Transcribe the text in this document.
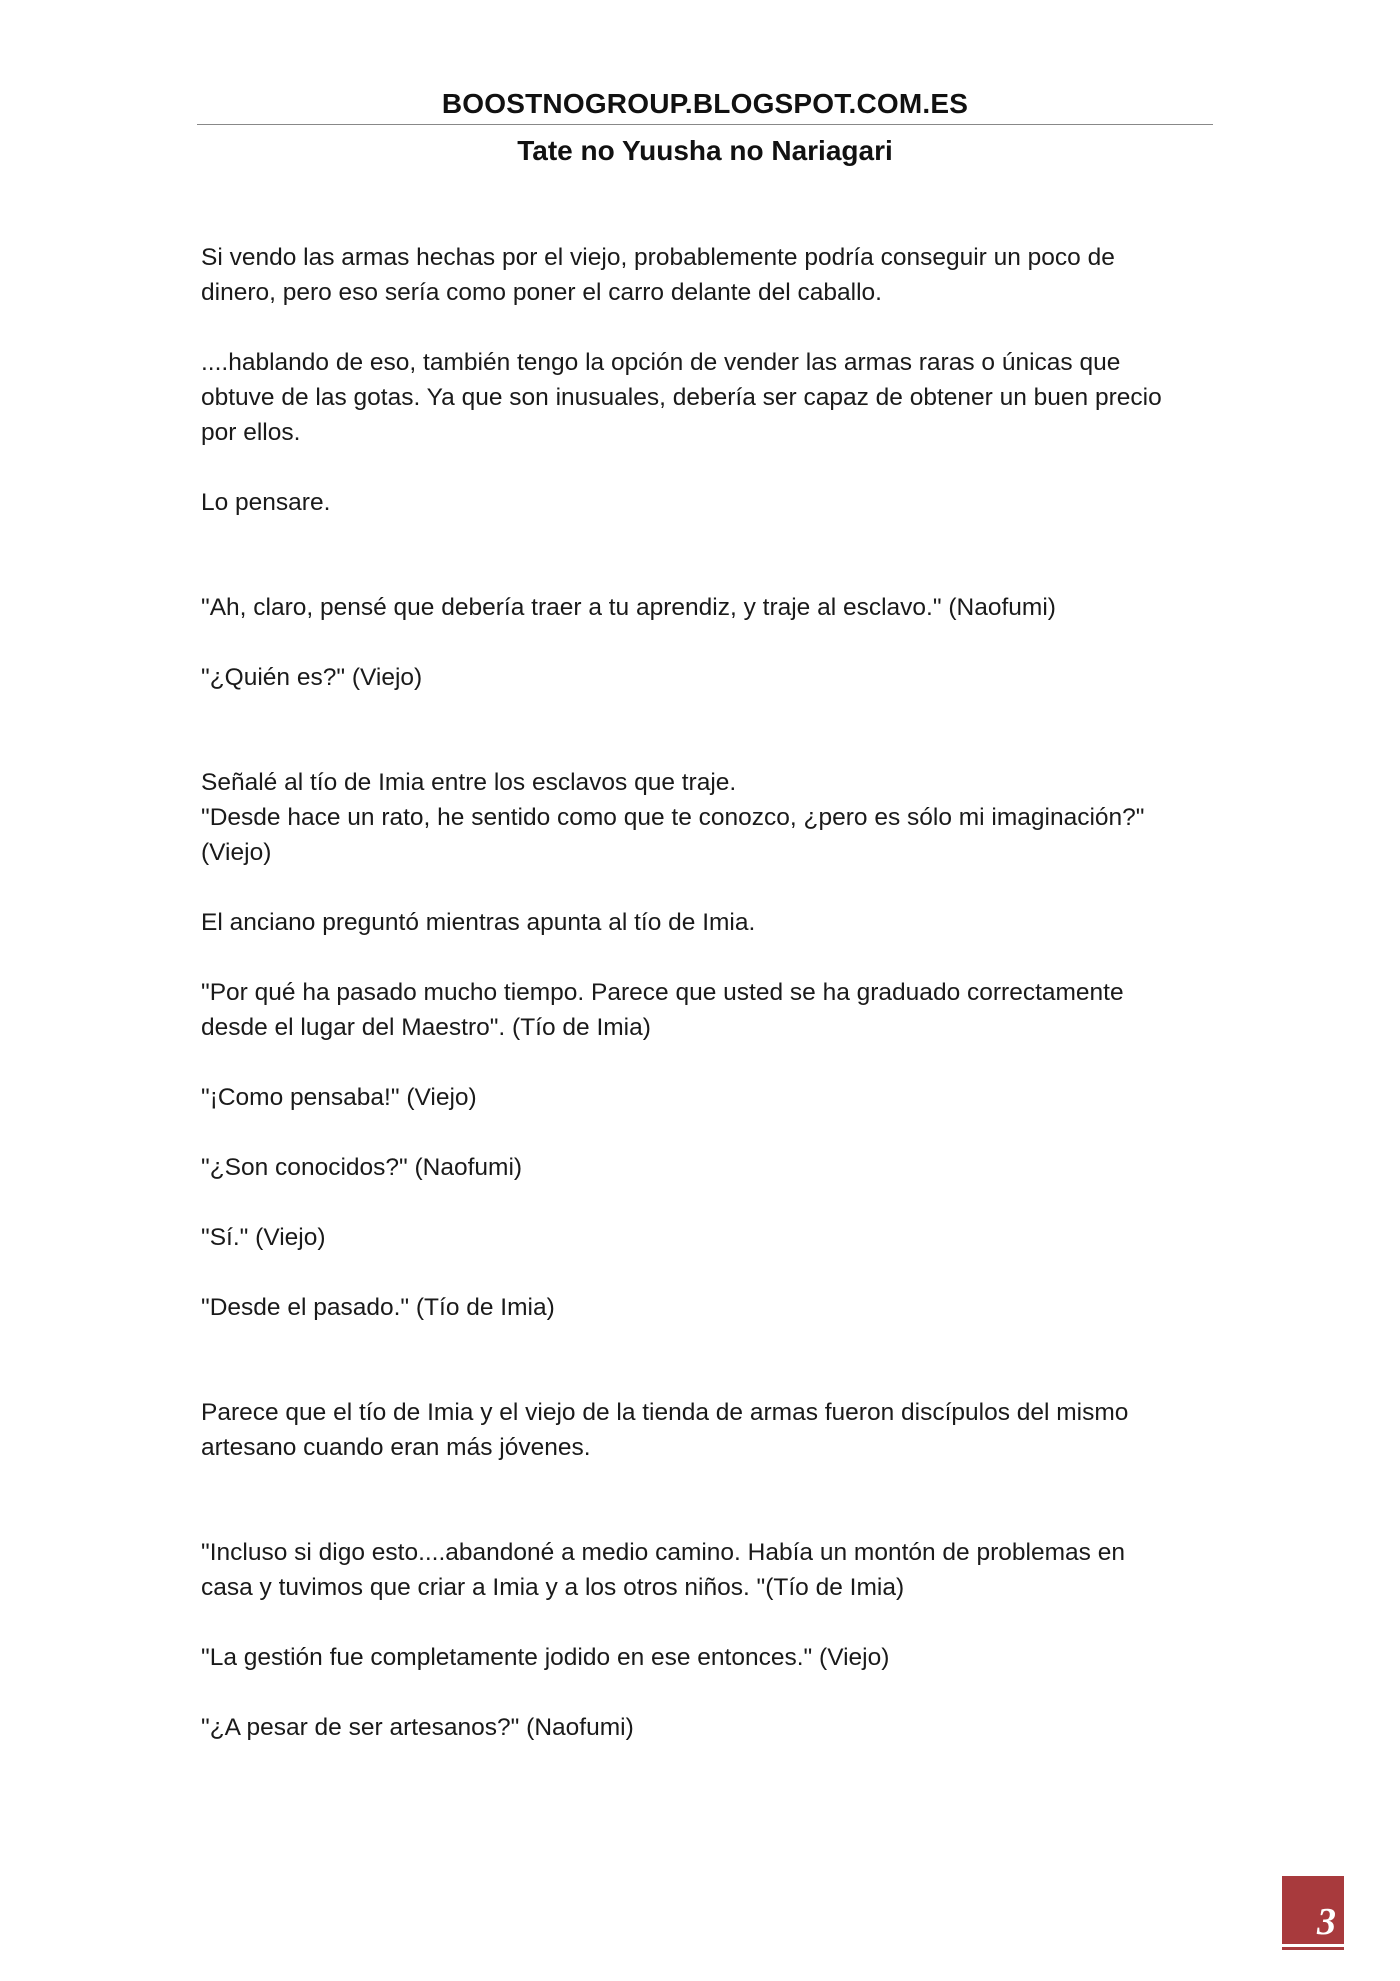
BOOSTNOGROUP.BLOGSPOT.COM.ES
Tate no Yuusha no Nariagari

Si vendo las armas hechas por el viejo, probablemente podría conseguir un poco de
dinero, pero eso sería como poner el carro delante del caballo.

....hablando de eso, también tengo la opción de vender las armas raras o únicas que
obtuve de las gotas. Ya que son inusuales, debería ser capaz de obtener un buen precio
por ellos.

Lo pensare.

"Ah, claro, pensé que debería traer a tu aprendiz, y traje al esclavo." (Naofumi)

"¿Quién es?" (Viejo)

Señalé al tío de Imia entre los esclavos que traje.
"Desde hace un rato, he sentido como que te conozco, ¿pero es sólo mi imaginación?"
(Viejo)

El anciano preguntó mientras apunta al tío de Imia.

"Por qué ha pasado mucho tiempo. Parece que usted se ha graduado correctamente
desde el lugar del Maestro". (Tío de Imia)

"¡Como pensaba!" (Viejo)

"¿Son conocidos?" (Naofumi)

"Sí." (Viejo)

"Desde el pasado." (Tío de Imia)

Parece que el tío de Imia y el viejo de la tienda de armas fueron discípulos del mismo
artesano cuando eran más jóvenes.

"Incluso si digo esto....abandoné a medio camino. Había un montón de problemas en
casa y tuvimos que criar a Imia y a los otros niños. "(Tío de Imia)

"La gestión fue completamente jodido en ese entonces." (Viejo)

"¿A pesar de ser artesanos?" (Naofumi)

3
